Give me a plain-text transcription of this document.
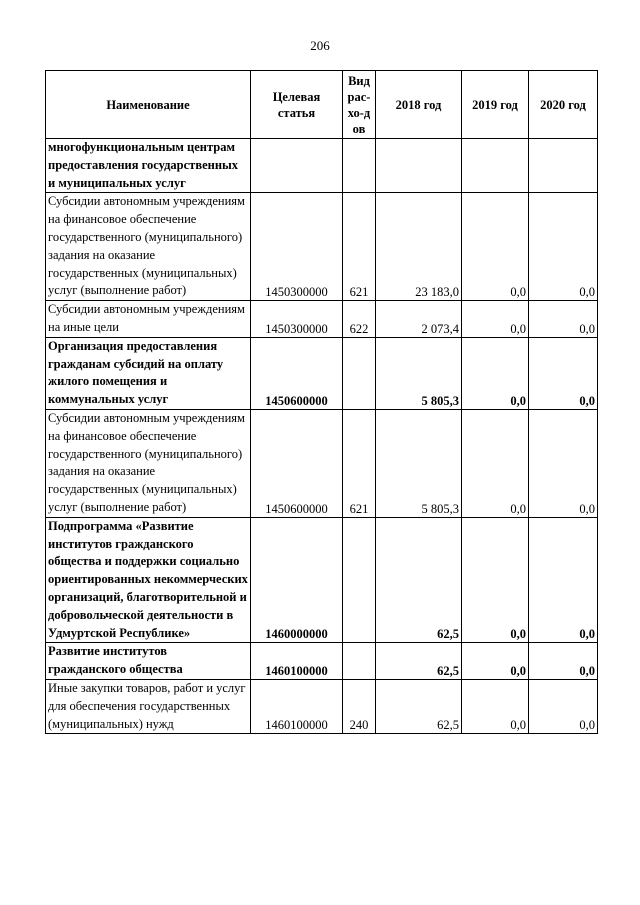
206
Наименование	Целевая статья	Вид рас-хо-дов	2018 год	2019 год	2020 год
многофункциональным центрам предоставления государственных и муниципальных услуг					
Субсидии автономным учреждениям на финансовое обеспечение государственного (муниципального) задания на оказание государственных (муниципальных) услуг (выполнение работ)	1450300000	621	23 183,0	0,0	0,0
Субсидии автономным учреждениям на иные цели	1450300000	622	2 073,4	0,0	0,0
Организация предоставления гражданам субсидий на оплату жилого помещения и коммунальных услуг	1450600000		5 805,3	0,0	0,0
Субсидии автономным учреждениям на финансовое обеспечение государственного (муниципального) задания на оказание государственных (муниципальных) услуг (выполнение работ)	1450600000	621	5 805,3	0,0	0,0
Подпрограмма «Развитие институтов гражданского общества и поддержки социально ориентированных некоммерческих организаций, благотворительной и добровольческой деятельности в Удмуртской Республике»	1460000000		62,5	0,0	0,0
Развитие институтов гражданского общества	1460100000		62,5	0,0	0,0
Иные закупки товаров, работ и услуг для обеспечения государственных (муниципальных) нужд	1460100000	240	62,5	0,0	0,0
